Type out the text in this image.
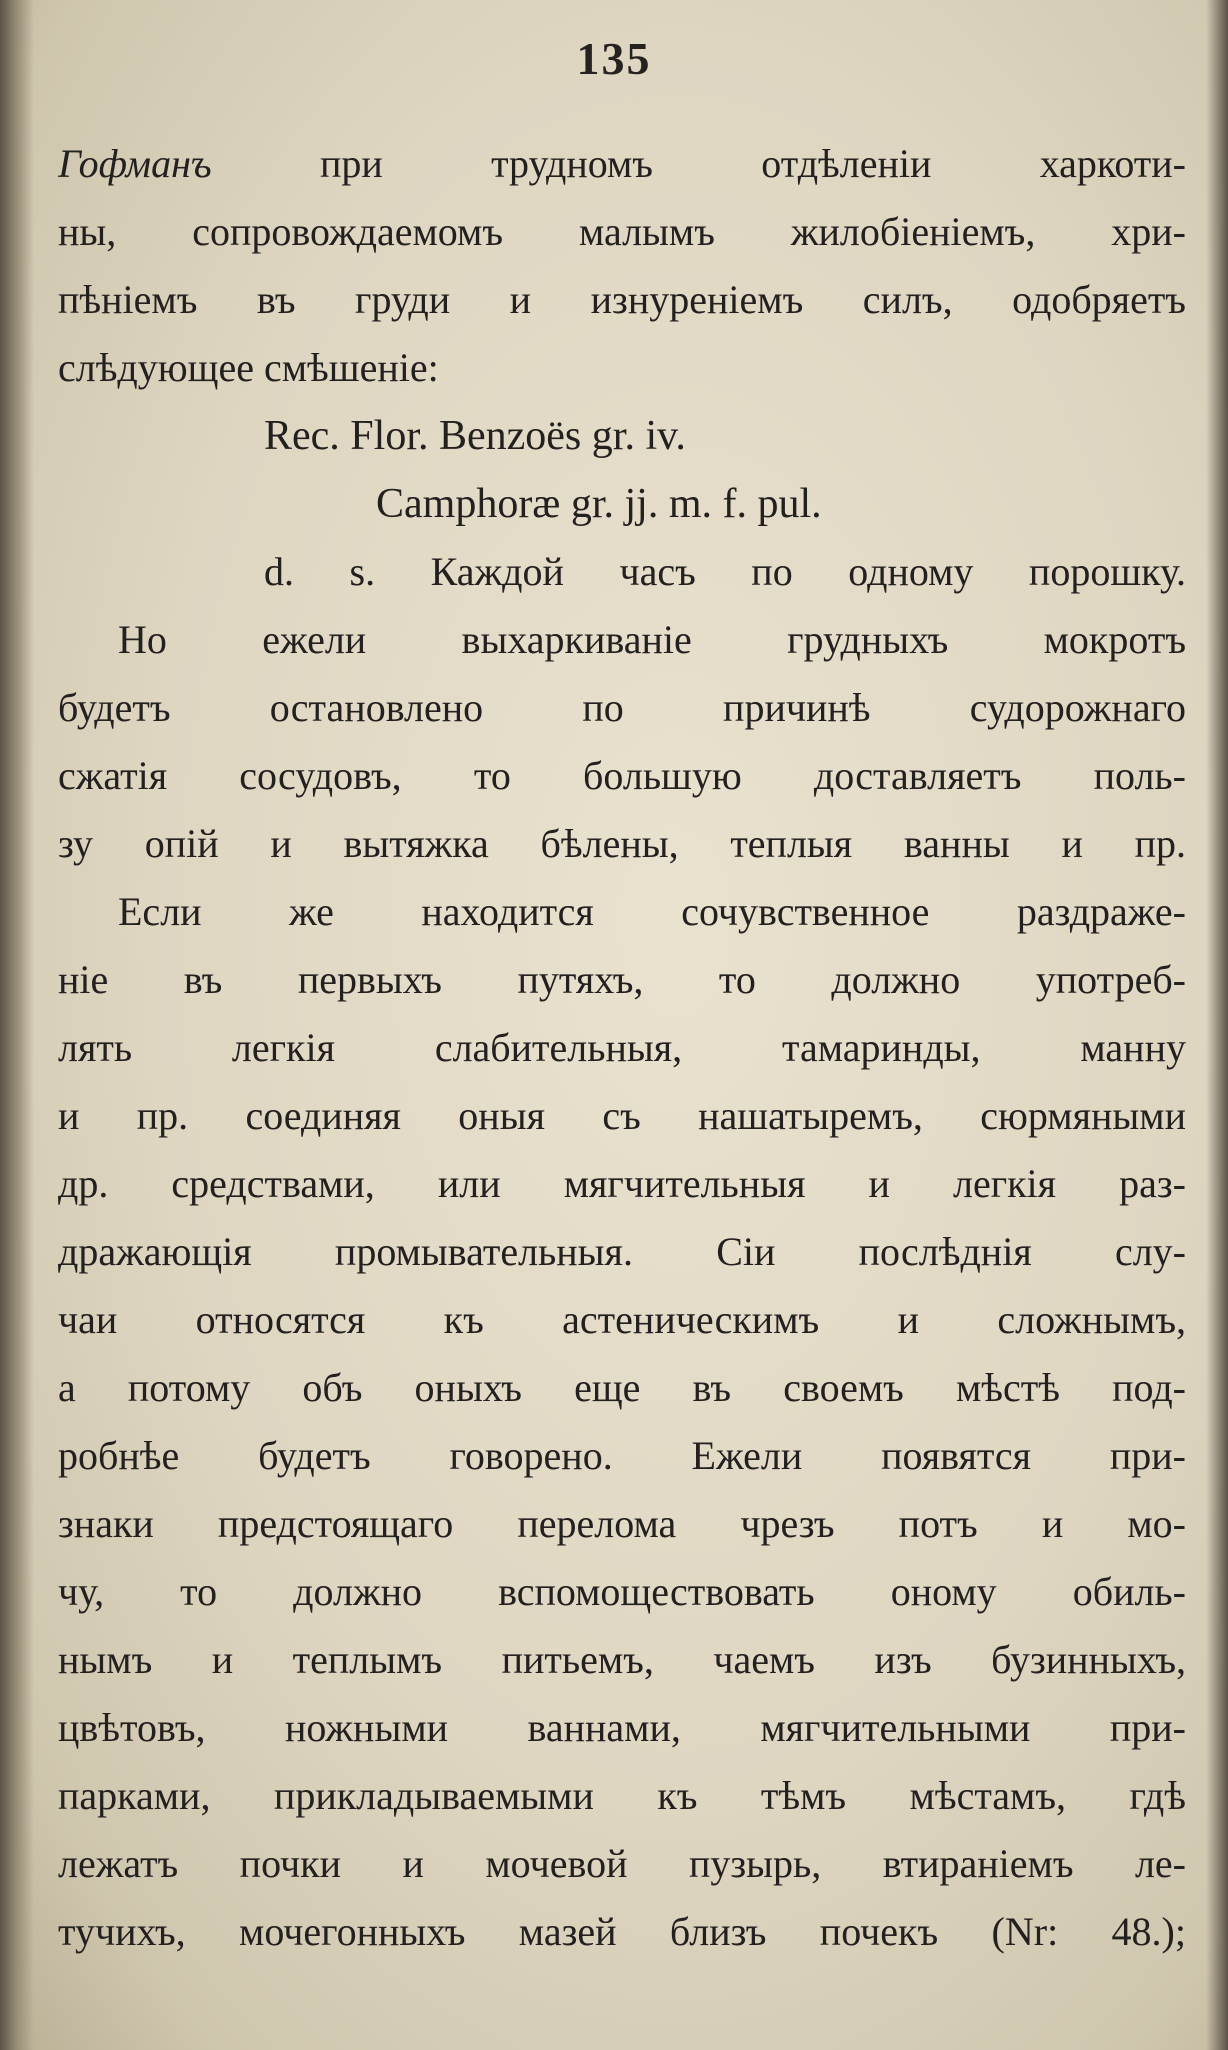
135
Гофманъ	при трудномъ отдѣленіи харкоти-
ны, сопровождаемомъ малымъ жилобіеніемъ, хри-
пѣніемъ въ груди и изнуреніемъ силъ, одобряетъ
слѣдующее смѣшеніе:
Rec. Flor. Benzoës gr. iv.
Camphoræ gr. jj. m. f. pul.
d. s. Каждой часъ по одному порошку.
Но ежели выхаркиваніе грудныхъ мокротъ
будетъ остановлено по причинѣ судорожнаго
сжатія сосудовъ, то большую доставляетъ поль-
зу опій и вытяжка бѣлены, теплыя ванны и пр.
Если же находится сочувственное раздраже-
ніе въ первыхъ путяхъ, то должно употреб-
лять легкія слабительныя, тамаринды, манну
и пр. соединяя оныя съ нашатыремъ, сюрмяными
др. средствами, или мягчительныя и легкія раз-
дражающія промывательныя. Сіи послѣднія слу-
чаи относятся къ астеническимъ и сложнымъ,
а потому объ оныхъ еще въ своемъ мѣстѣ под-
робнѣе будетъ говорено. Ежели появятся при-
знаки предстоящаго перелома чрезъ потъ и мо-
чу, то должно вспомоществовать оному обиль-
нымъ и теплымъ питьемъ, чаемъ изъ бузинныхъ,
цвѣтовъ, ножными ваннами, мягчительными при-
парками, прикладываемыми къ тѣмъ мѣстамъ, гдѣ
лежатъ почки и мочевой пузырь, втираніемъ ле-
тучихъ, мочегонныхъ мазей близъ почекъ (Nr: 48.);
